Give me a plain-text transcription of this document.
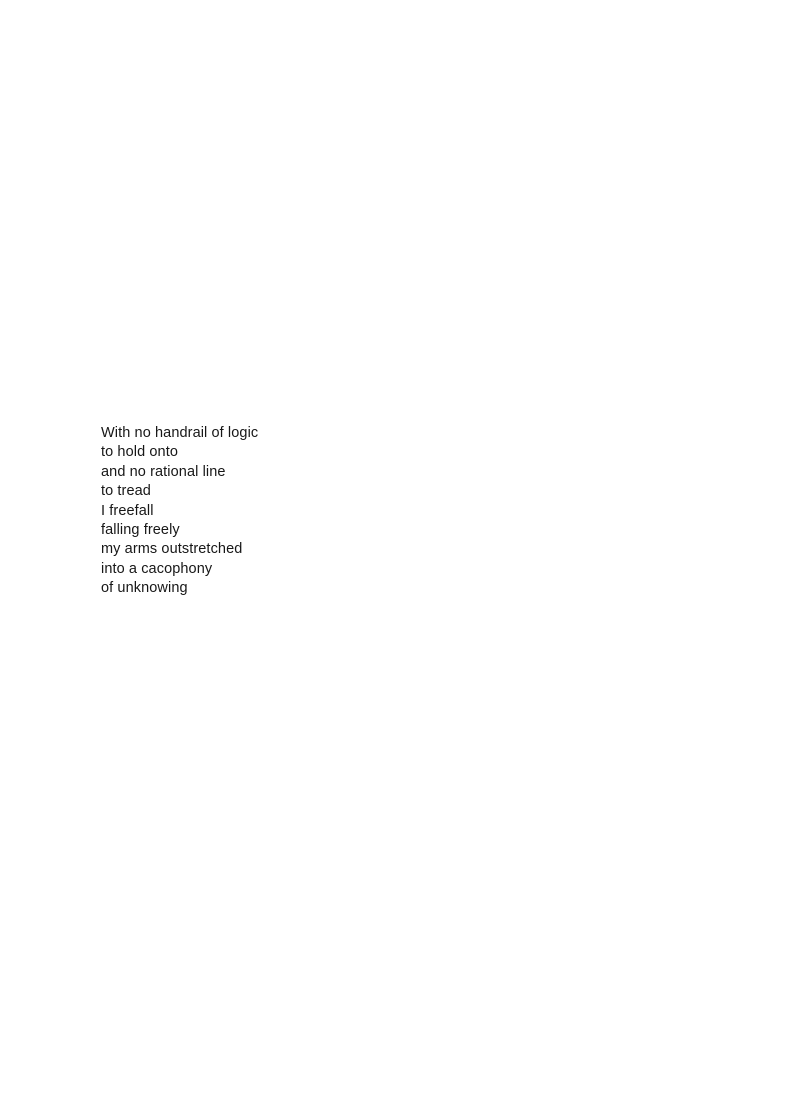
With no handrail of logic
to hold onto
and no rational line
to tread
I freefall
falling freely
my arms outstretched
into a cacophony
of unknowing
